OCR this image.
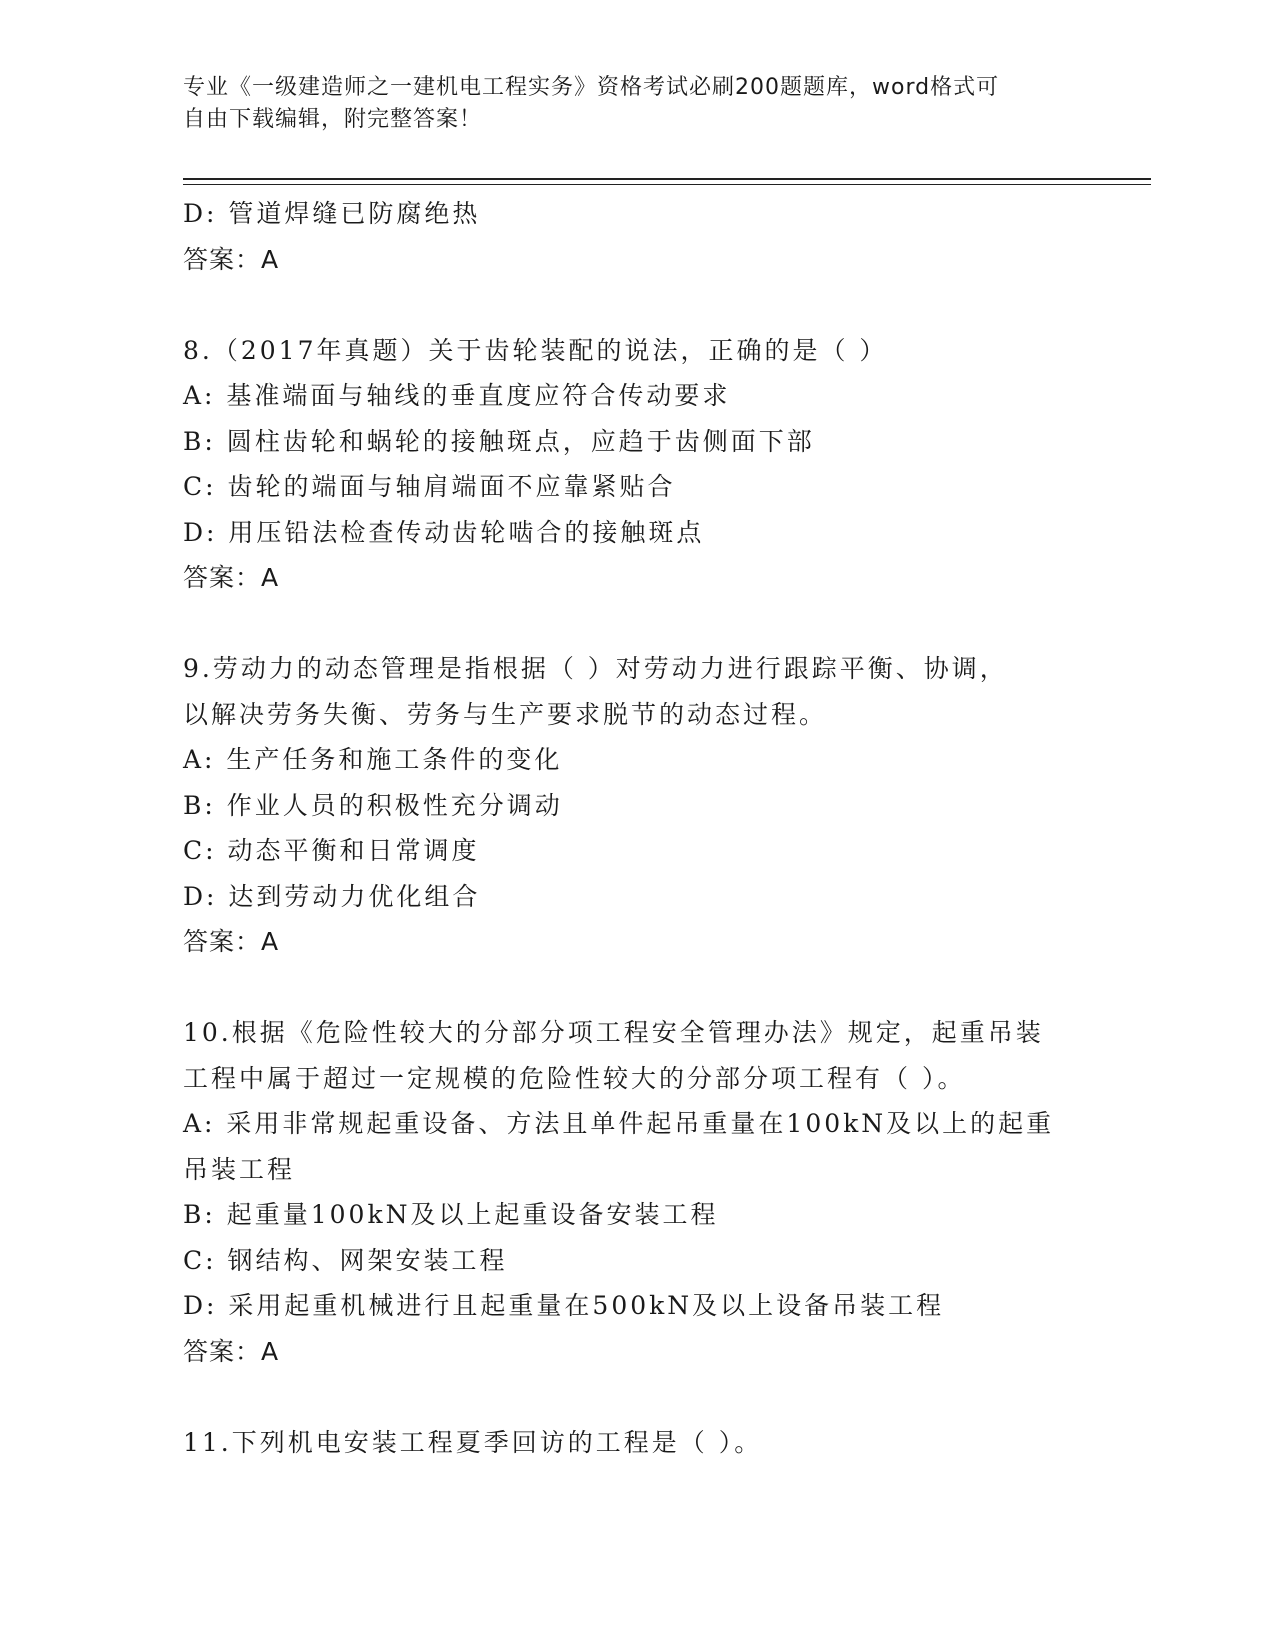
专业《一级建造师之一建机电工程实务》资格考试必刷200题题库，word格式可
自由下载编辑，附完整答案！
D: 管道焊缝已防腐绝热
答案：A
8.（2017年真题）关于齿轮装配的说法，正确的是（ ）
A: 基准端面与轴线的垂直度应符合传动要求
B: 圆柱齿轮和蜗轮的接触斑点，应趋于齿侧面下部
C: 齿轮的端面与轴肩端面不应靠紧贴合
D: 用压铅法检查传动齿轮啮合的接触斑点
答案：A
9.劳动力的动态管理是指根据（ ）对劳动力进行跟踪平衡、协调，
以解决劳务失衡、劳务与生产要求脱节的动态过程。
A: 生产任务和施工条件的变化
B: 作业人员的积极性充分调动
C: 动态平衡和日常调度
D: 达到劳动力优化组合
答案：A
10.根据《危险性较大的分部分项工程安全管理办法》规定，起重吊装
工程中属于超过一定规模的危险性较大的分部分项工程有（ ）。
A: 采用非常规起重设备、方法且单件起吊重量在100kN及以上的起重
吊装工程
B: 起重量100kN及以上起重设备安装工程
C: 钢结构、网架安装工程
D: 采用起重机械进行且起重量在500kN及以上设备吊装工程
答案：A
11.下列机电安装工程夏季回访的工程是（ ）。
